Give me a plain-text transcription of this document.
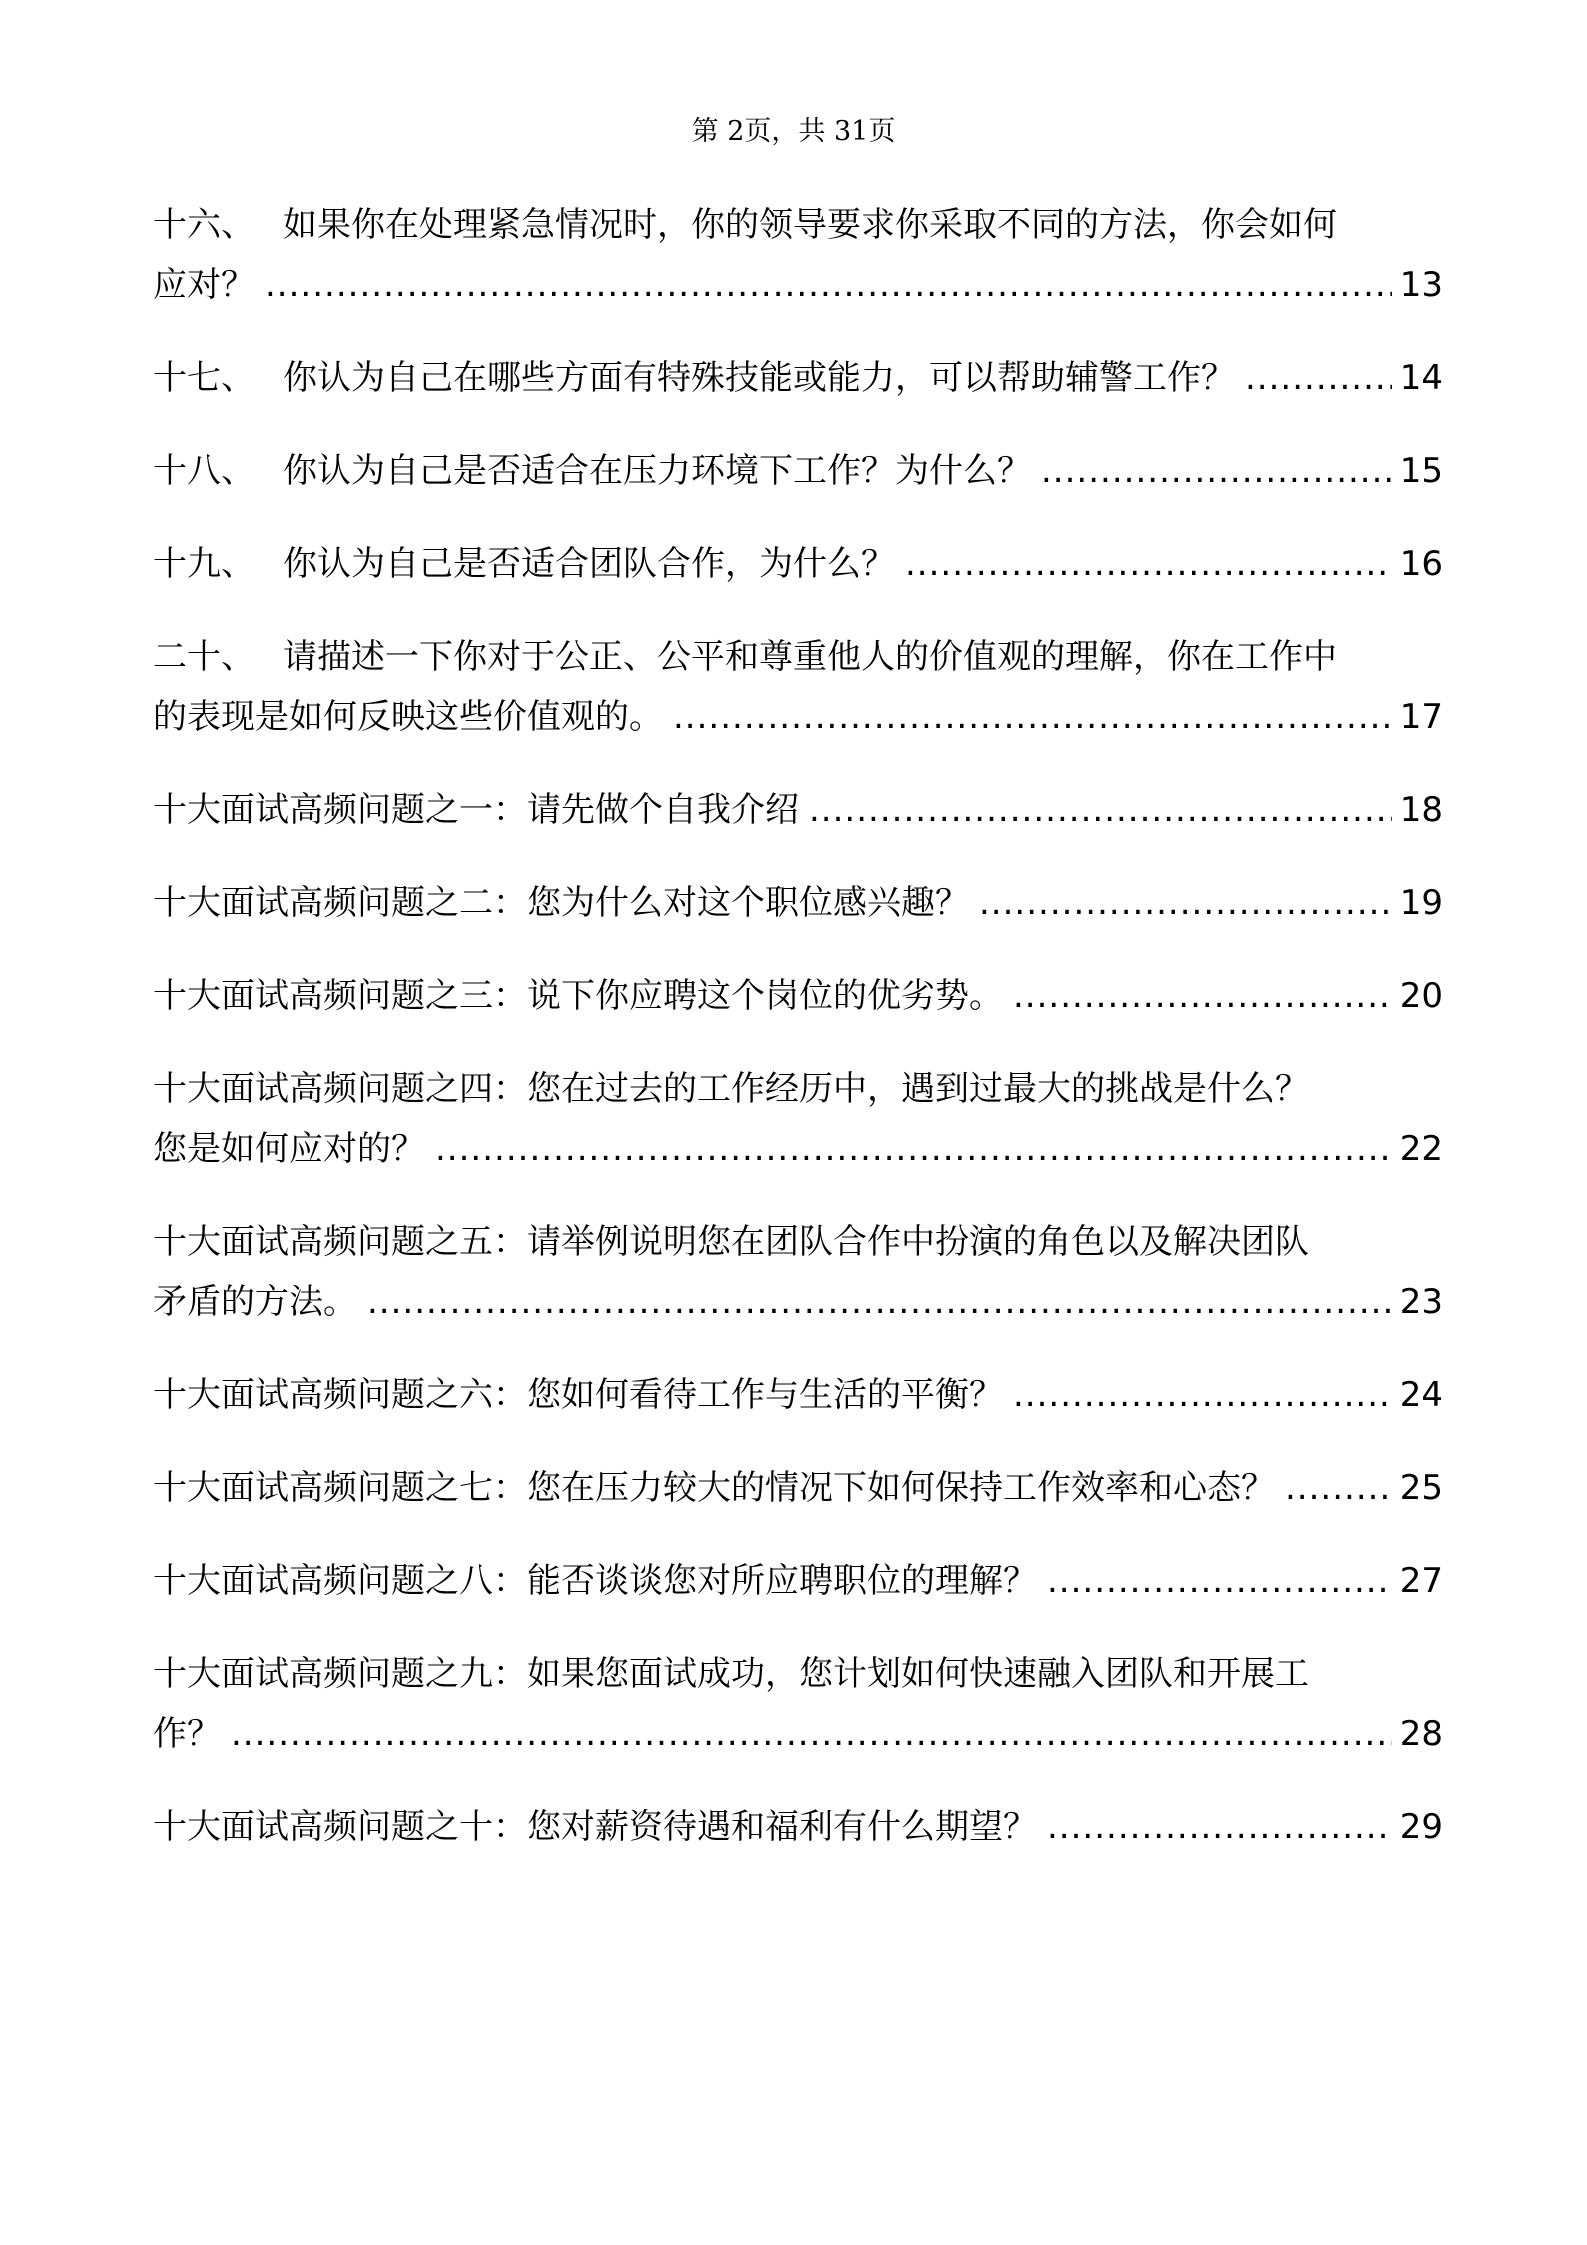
第 2页，共 31页
十六、 如果你在处理紧急情况时，你的领导要求你采取不同的方法，你会如何
应对？ .....	13
十七、 你认为自己在哪些方面有特殊技能或能力，可以帮助辅警工作？ .....	14
十八、 你认为自己是否适合在压力环境下工作？为什么？ .....	15
十九、 你认为自己是否适合团队合作，为什么？ .....	16
二十、 请描述一下你对于公正、公平和尊重他人的价值观的理解，你在工作中
的表现是如何反映这些价值观的。 .....	17
十大面试高频问题之一：请先做个自我介绍 .....	18
十大面试高频问题之二：您为什么对这个职位感兴趣？ .....	19
十大面试高频问题之三：说下你应聘这个岗位的优劣势。 .....	20
十大面试高频问题之四：您在过去的工作经历中，遇到过最大的挑战是什么？
您是如何应对的？ .....	22
十大面试高频问题之五：请举例说明您在团队合作中扮演的角色以及解决团队
矛盾的方法。 .....	23
十大面试高频问题之六：您如何看待工作与生活的平衡？ .....	24
十大面试高频问题之七：您在压力较大的情况下如何保持工作效率和心态？ .....	25
十大面试高频问题之八：能否谈谈您对所应聘职位的理解？ .....	27
十大面试高频问题之九：如果您面试成功，您计划如何快速融入团队和开展工
作？ .....	28
十大面试高频问题之十：您对薪资待遇和福利有什么期望？ .....	29
